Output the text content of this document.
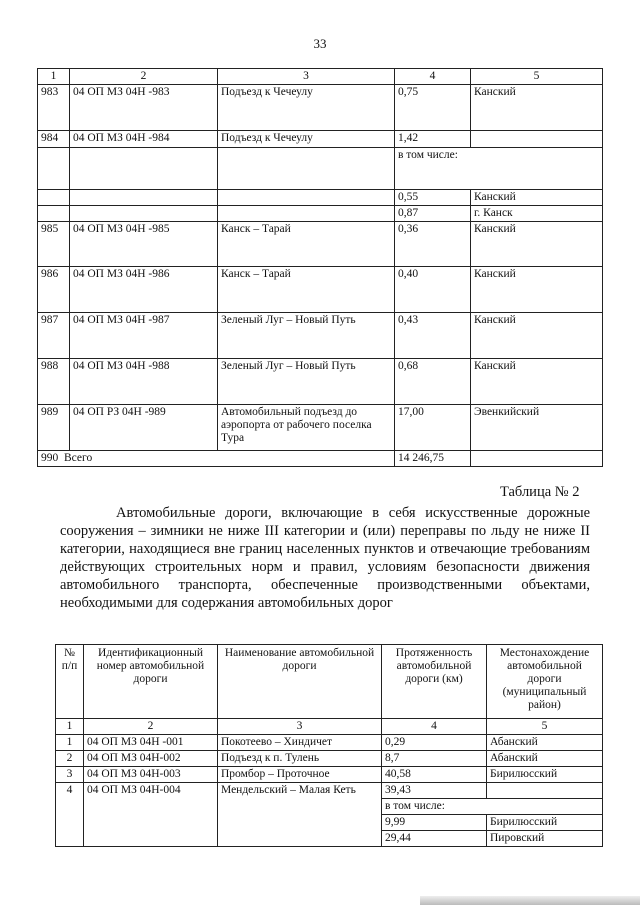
33
1	2	3	4	5
983	04 ОП МЗ 04Н -983	Подъезд к Чечеулу	0,75	Канский
984	04 ОП МЗ 04Н -984	Подъезд к Чечеулу	1,42	
			в том числе:	
			0,55	Канский
			0,87	г. Канск
985	04 ОП МЗ 04Н -985	Канск – Тарай	0,36	Канский
986	04 ОП МЗ 04Н -986	Канск – Тарай	0,40	Канский
987	04 ОП МЗ 04Н -987	Зеленый Луг – Новый Путь	0,43	Канский
988	04 ОП МЗ 04Н -988	Зеленый Луг – Новый Путь	0,68	Канский
989	04 ОП РЗ 04Н -989	Автомобильный подъезд до аэропорта от рабочего поселка Тура	17,00	Эвенкийский
990  Всего			14 246,75	
Таблица № 2
Автомобильные дороги, включающие в себя искусственные дорожные сооружения – зимники не ниже III категории и (или) переправы по льду не ниже II категории, находящиеся вне границ населенных пунктов и отвечающие требованиям действующих строительных норм и правил, условиям безопасности движения автомобильного транспорта, обеспеченные производственными объектами, необходимыми для содержания автомобильных дорог
№ п/п	Идентификационный номер автомобильной дороги	Наименование автомобильной дороги	Протяженность автомобильной дороги (км)	Местонахождение автомобильной дороги (муниципальный район)
1	2	3	4	5
1	04 ОП МЗ 04Н -001	Покотеево – Хиндичет	0,29	Абанский
2	04 ОП МЗ 04Н-002	Подъезд к п. Тулень	8,7	Абанский
3	04 ОП МЗ 04Н-003	Промбор – Проточное	40,58	Бирилюсский
4	04 ОП МЗ 04Н-004	Мендельский – Малая Кеть	39,43	
			в том числе:	
			9,99	Бирилюсский
			29,44	Пировский
